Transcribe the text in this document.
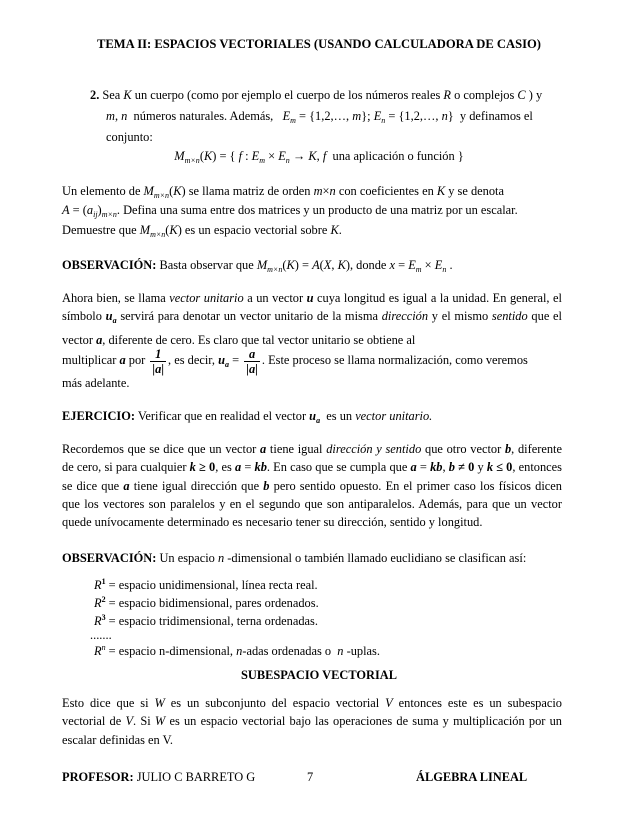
TEMA II: ESPACIOS VECTORIALES (USANDO CALCULADORA DE CASIO)
2. Sea K un cuerpo (como por ejemplo el cuerpo de los números reales R o complejos C ) y
m, n  números naturales. Además,   $E_m$ = {1,2,…, m}; $E_n$ = {1,2,…, n}  y definamos el
conjunto:
$M_{m\times n}(K)$ = { f : $E_m \times E_n \to K$, f  una aplicación o función }
Un elemento de $M_{m\times n}(K)$ se llama matriz de orden m×n con coeficientes en K y se denota
$A = (a_{ij})_{m\times n}$. Defina una suma entre dos matrices y un producto de una matriz por un escalar.
Demuestre que $M_{m\times n}(K)$ es un espacio vectorial sobre K.
OBSERVACIÓN: Basta observar que $M_{m\times n}(K) = A(X$, K), donde $x = E_m \times E_n$ .
Ahora bien, se llama vector unitario a un vector u cuya longitud es igual a la unidad. En general, el símbolo $u_a$ servirá para denotar un vector unitario de la misma dirección y el mismo sentido que el vector a, diferente de cero. Es claro que tal vector unitario se obtiene al
multiplicar a por $\frac{1}{|a|}$ , es decir, $u_a = \frac{a}{|a|}$ . Este proceso se llama normalización, como veremos
más adelante.
EJERCICIO: Verificar que en realidad el vector $u_a$  es un vector unitario.
Recordemos que se dice que un vector a tiene igual dirección y sentido que otro vector b, diferente de cero, si para cualquier k ≥ 0, es a = kb. En caso que se cumpla que a = kb, b ≠ 0 y k ≤ 0, entonces se dice que a tiene igual dirección que b pero sentido opuesto. En el primer caso los físicos dicen que los vectores son paralelos y en el segundo que son antiparalelos. Además, para que un vector quede unívocamente determinado es necesario tener su dirección, sentido y longitud.
OBSERVACIÓN: Un espacio n -dimensional o también llamado euclidiano se clasifican así:
$R^1$ = espacio unidimensional, línea recta real.
$R^2$ = espacio bidimensional, pares ordenados.
$R^3$ = espacio tridimensional, terna ordenadas.
.......
$R^n$ = espacio n-dimensional, n-adas ordenadas o  n -uplas.
SUBESPACIO VECTORIAL
Esto dice que si W es un subconjunto del espacio vectorial V entonces este es un subespacio vectorial de V. Si W es un espacio vectorial bajo las operaciones de suma y multiplicación por un escalar definidas en V.
PROFESOR: JULIO C BARRETO G	7	ÁLGEBRA LINEAL
